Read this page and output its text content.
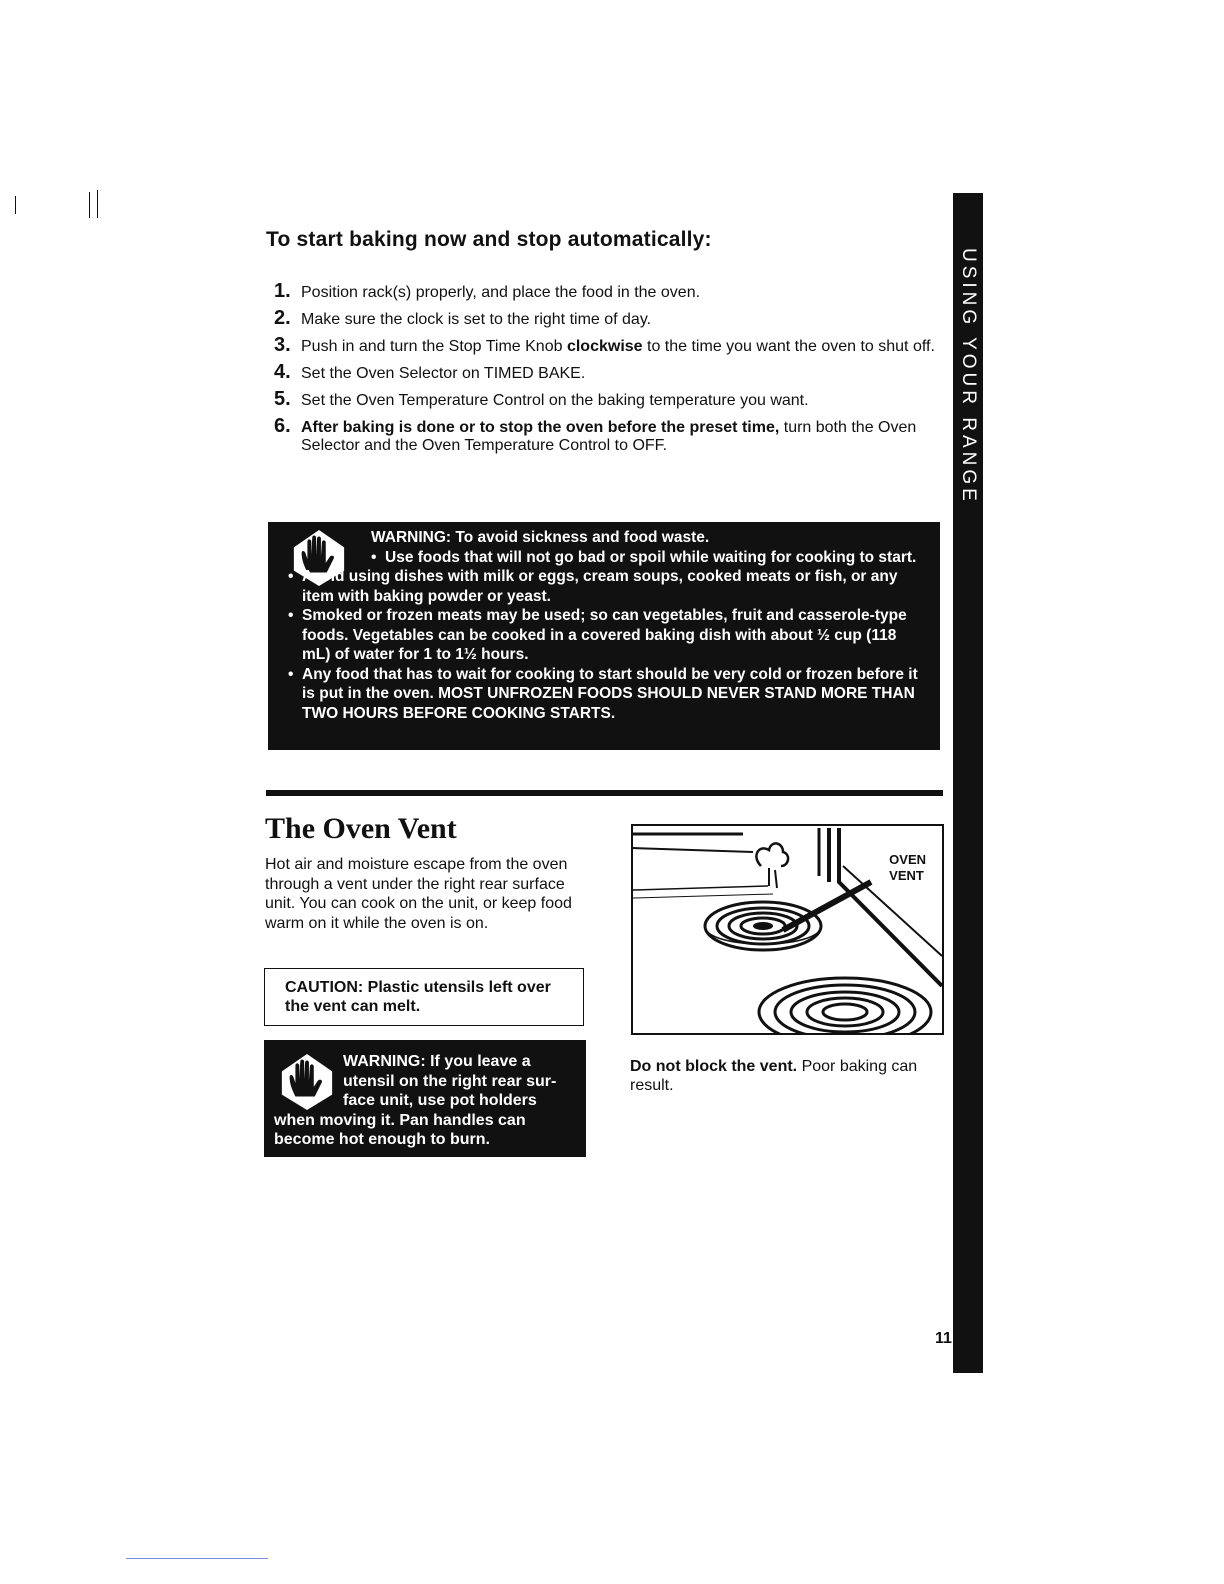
USING YOUR RANGE
To start baking now and stop automatically:
1. Position rack(s) properly, and place the food in the oven.
2. Make sure the clock is set to the right time of day.
3. Push in and turn the Stop Time Knob clockwise to the time you want the oven to shut off.
4. Set the Oven Selector on TIMED BAKE.
5. Set the Oven Temperature Control on the baking temperature you want.
6. After baking is done or to stop the oven before the preset time, turn both the Oven Selector and the Oven Temperature Control to OFF.
WARNING: To avoid sickness and food waste.
• Use foods that will not go bad or spoil while waiting for cooking to start.
• Avoid using dishes with milk or eggs, cream soups, cooked meats or fish, or any item with baking powder or yeast.
• Smoked or frozen meats may be used; so can vegetables, fruit and casserole-type foods. Vegetables can be cooked in a covered baking dish with about ½ cup (118 mL) of water for 1 to 1½ hours.
• Any food that has to wait for cooking to start should be very cold or frozen before it is put in the oven. MOST UNFROZEN FOODS SHOULD NEVER STAND MORE THAN TWO HOURS BEFORE COOKING STARTS.
The Oven Vent
Hot air and moisture escape from the oven through a vent under the right rear surface unit. You can cook on the unit, or keep food warm on it while the oven is on.
CAUTION: Plastic utensils left over the vent can melt.
WARNING: If you leave a
utensil on the right rear sur-
face unit, use pot holders
when moving it. Pan handles can become hot enough to burn.
OVEN
VENT
Do not block the vent. Poor baking can result.
11
